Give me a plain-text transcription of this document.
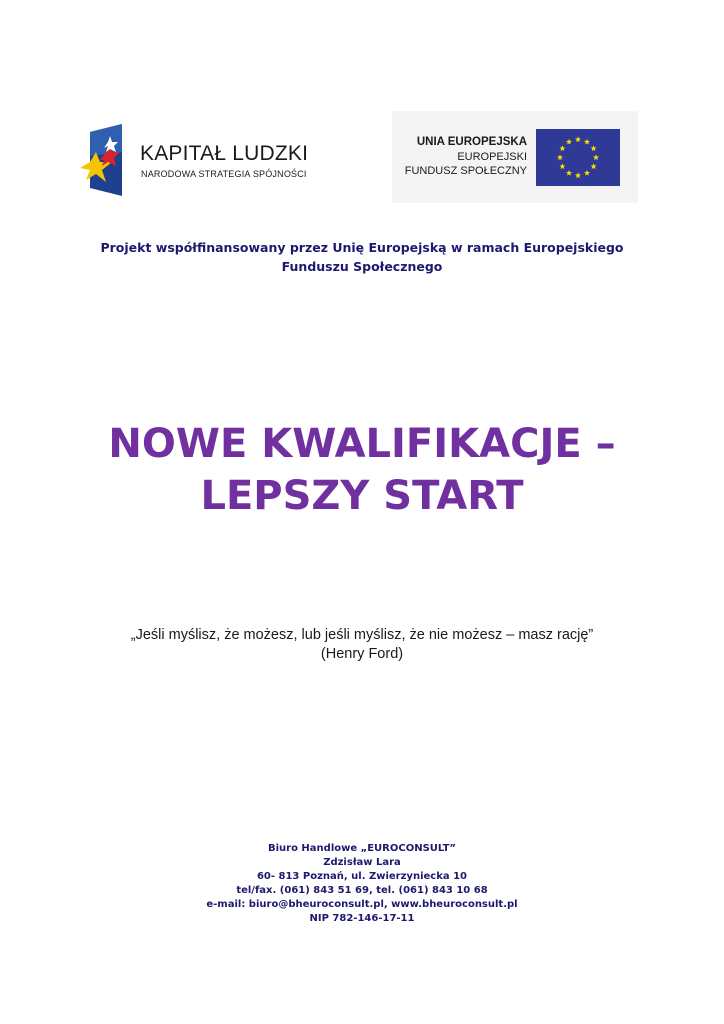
KAPITAŁ LUDZKI
NARODOWA STRATEGIA SPÓJNOŚCI
UNIA EUROPEJSKA
EUROPEJSKI
FUNDUSZ SPOŁECZNY
Projekt współfinansowany przez Unię Europejską w ramach Europejskiego
Funduszu Społecznego
NOWE KWALIFIKACJE –
LEPSZY START
„Jeśli myślisz, że możesz, lub jeśli myślisz, że nie możesz – masz rację”
(Henry Ford)
Biuro Handlowe „EUROCONSULT”
Zdzisław Lara
60- 813 Poznań, ul. Zwierzyniecka 10
tel/fax. (061) 843 51 69, tel. (061) 843 10 68
e-mail: biuro@bheuroconsult.pl, www.bheuroconsult.pl
NIP 782-146-17-11
